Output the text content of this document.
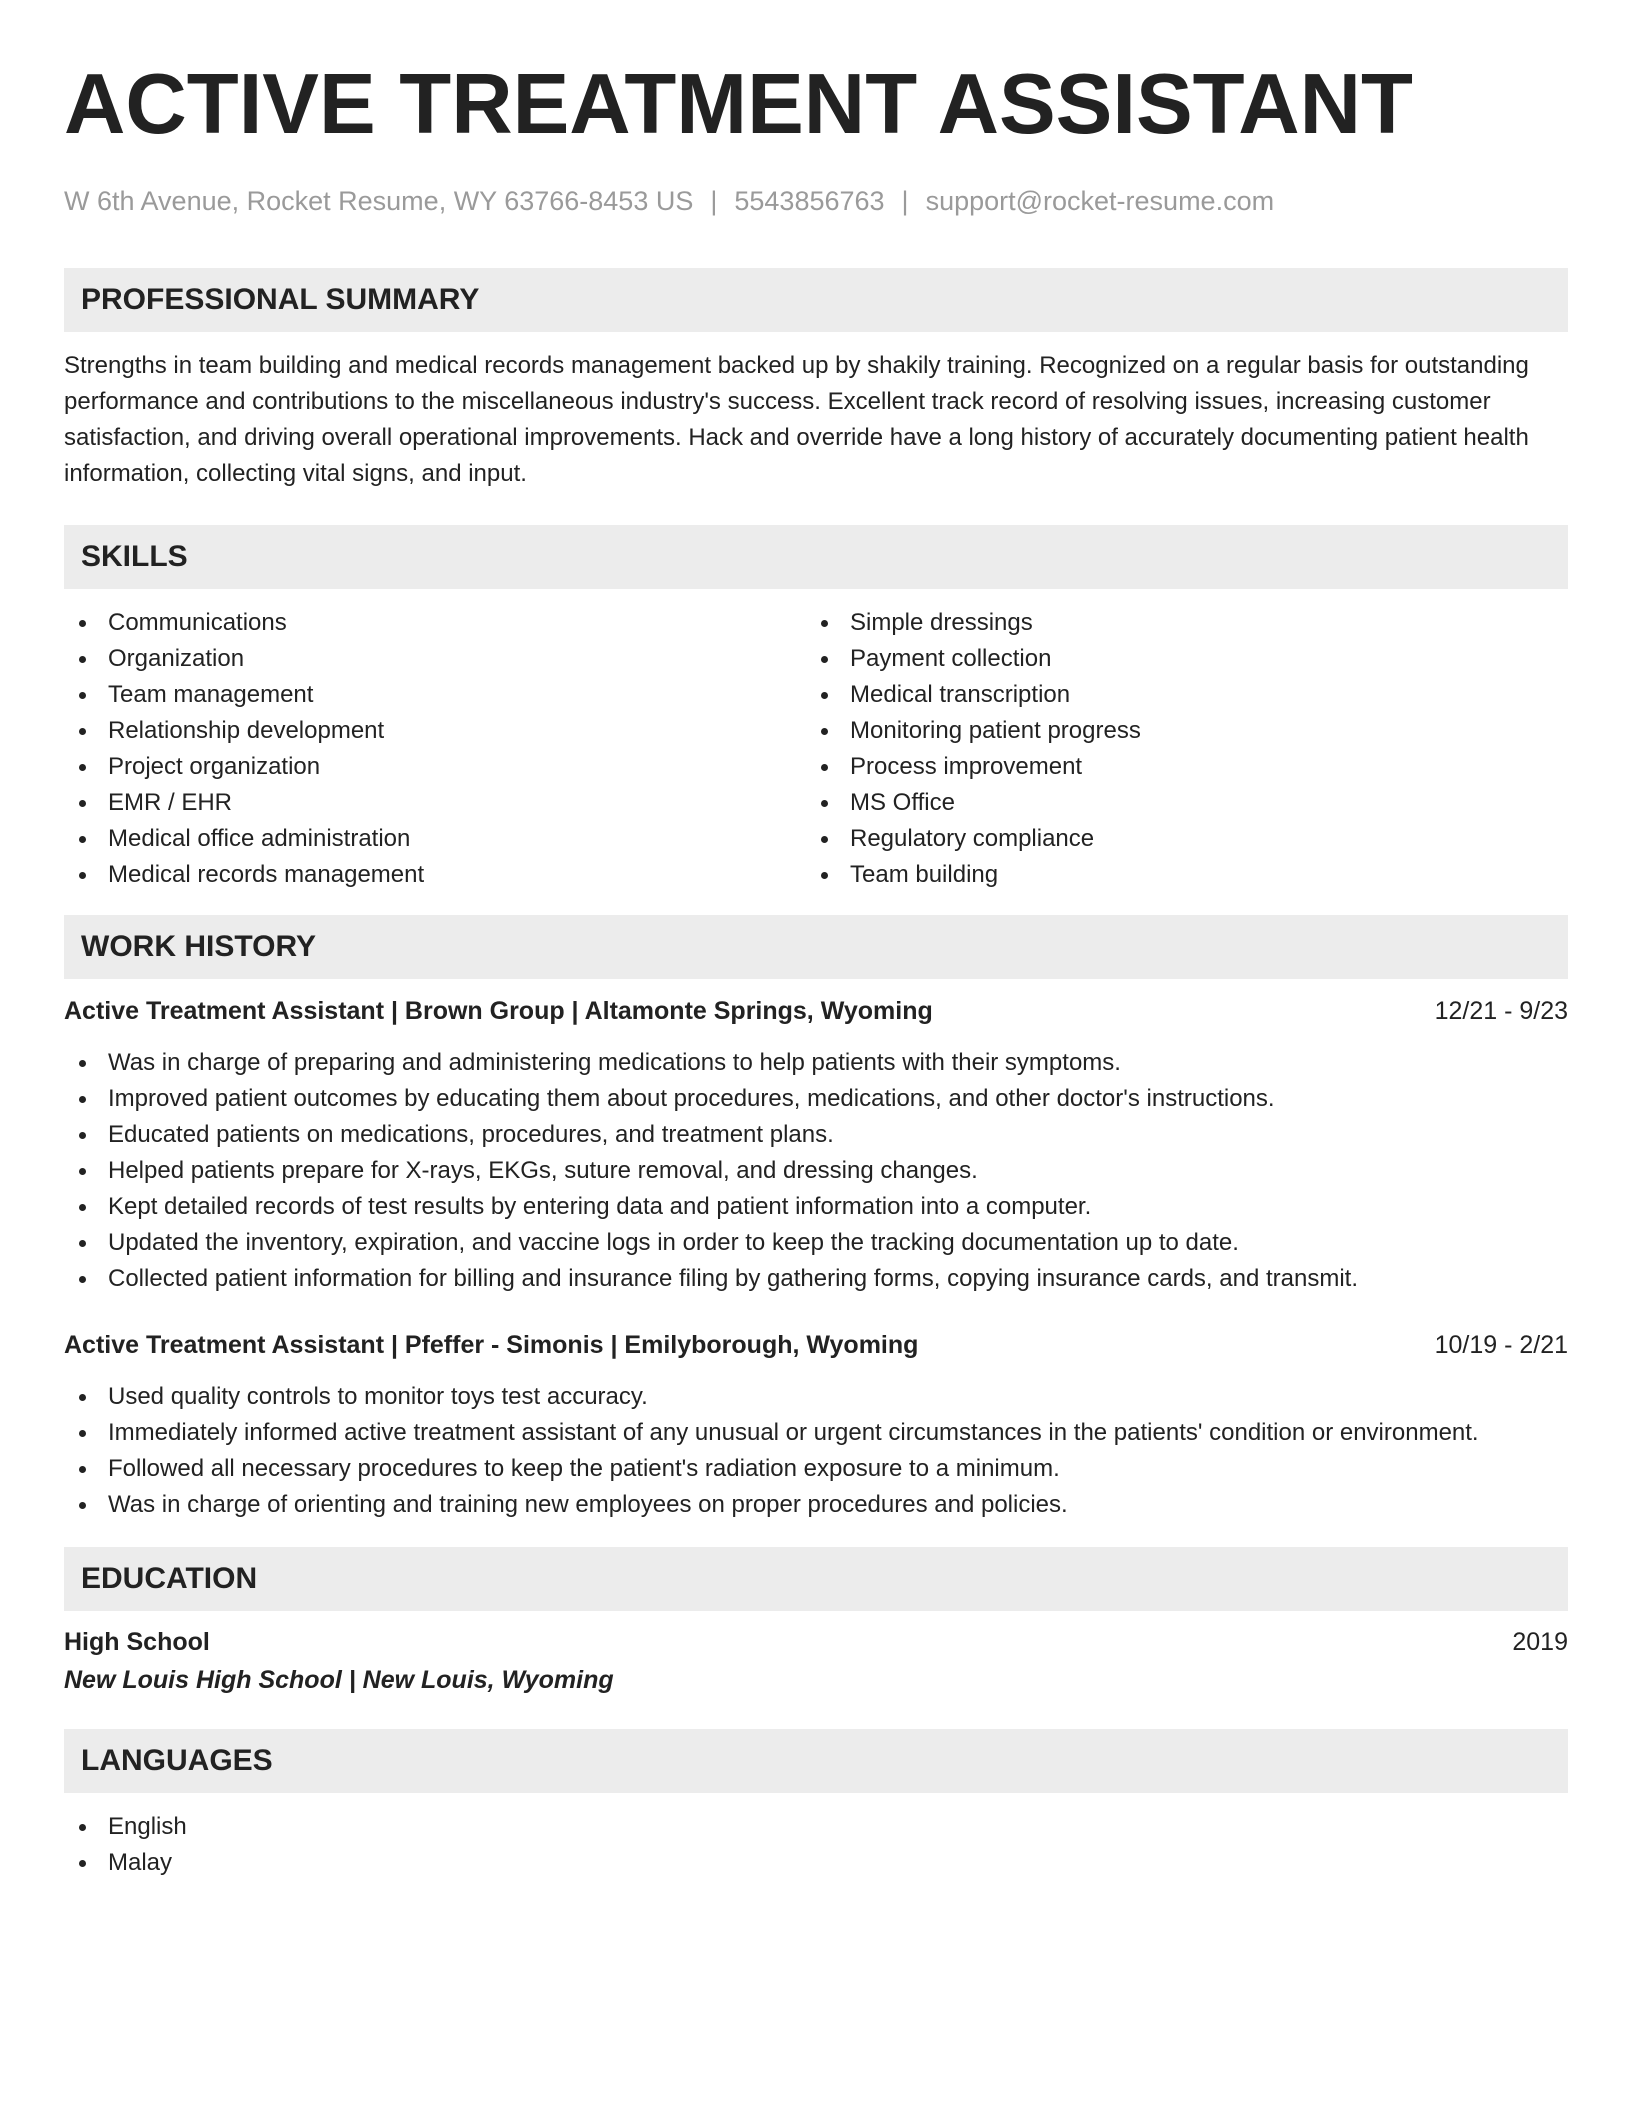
ACTIVE TREATMENT ASSISTANT
W 6th Avenue, Rocket Resume, WY 63766-8453 US | 5543856763 | support@rocket-resume.com
PROFESSIONAL SUMMARY

Strengths in team building and medical records management backed up by shakily training. Recognized on a regular basis for outstanding performance and contributions to the miscellaneous industry's success. Excellent track record of resolving issues, increasing customer satisfaction, and driving overall operational improvements. Hack and override have a long history of accurately documenting patient health information, collecting vital signs, and input.

SKILLS
Communications
Organization
Team management
Relationship development
Project organization
EMR / EHR
Medical office administration
Medical records management
Simple dressings
Payment collection
Medical transcription
Monitoring patient progress
Process improvement
MS Office
Regulatory compliance
Team building
WORK HISTORY
Active Treatment Assistant | Brown Group | Altamonte Springs, Wyoming	12/21 - 9/23
Was in charge of preparing and administering medications to help patients with their symptoms.
Improved patient outcomes by educating them about procedures, medications, and other doctor's instructions.
Educated patients on medications, procedures, and treatment plans.
Helped patients prepare for X-rays, EKGs, suture removal, and dressing changes.
Kept detailed records of test results by entering data and patient information into a computer.
Updated the inventory, expiration, and vaccine logs in order to keep the tracking documentation up to date.
Collected patient information for billing and insurance filing by gathering forms, copying insurance cards, and transmit.
Active Treatment Assistant | Pfeffer - Simonis | Emilyborough, Wyoming	10/19 - 2/21
Used quality controls to monitor toys test accuracy.
Immediately informed active treatment assistant of any unusual or urgent circumstances in the patients' condition or environment.
Followed all necessary procedures to keep the patient's radiation exposure to a minimum.
Was in charge of orienting and training new employees on proper procedures and policies.
EDUCATION
High School	2019
New Louis High School | New Louis, Wyoming
LANGUAGES
English
Malay
